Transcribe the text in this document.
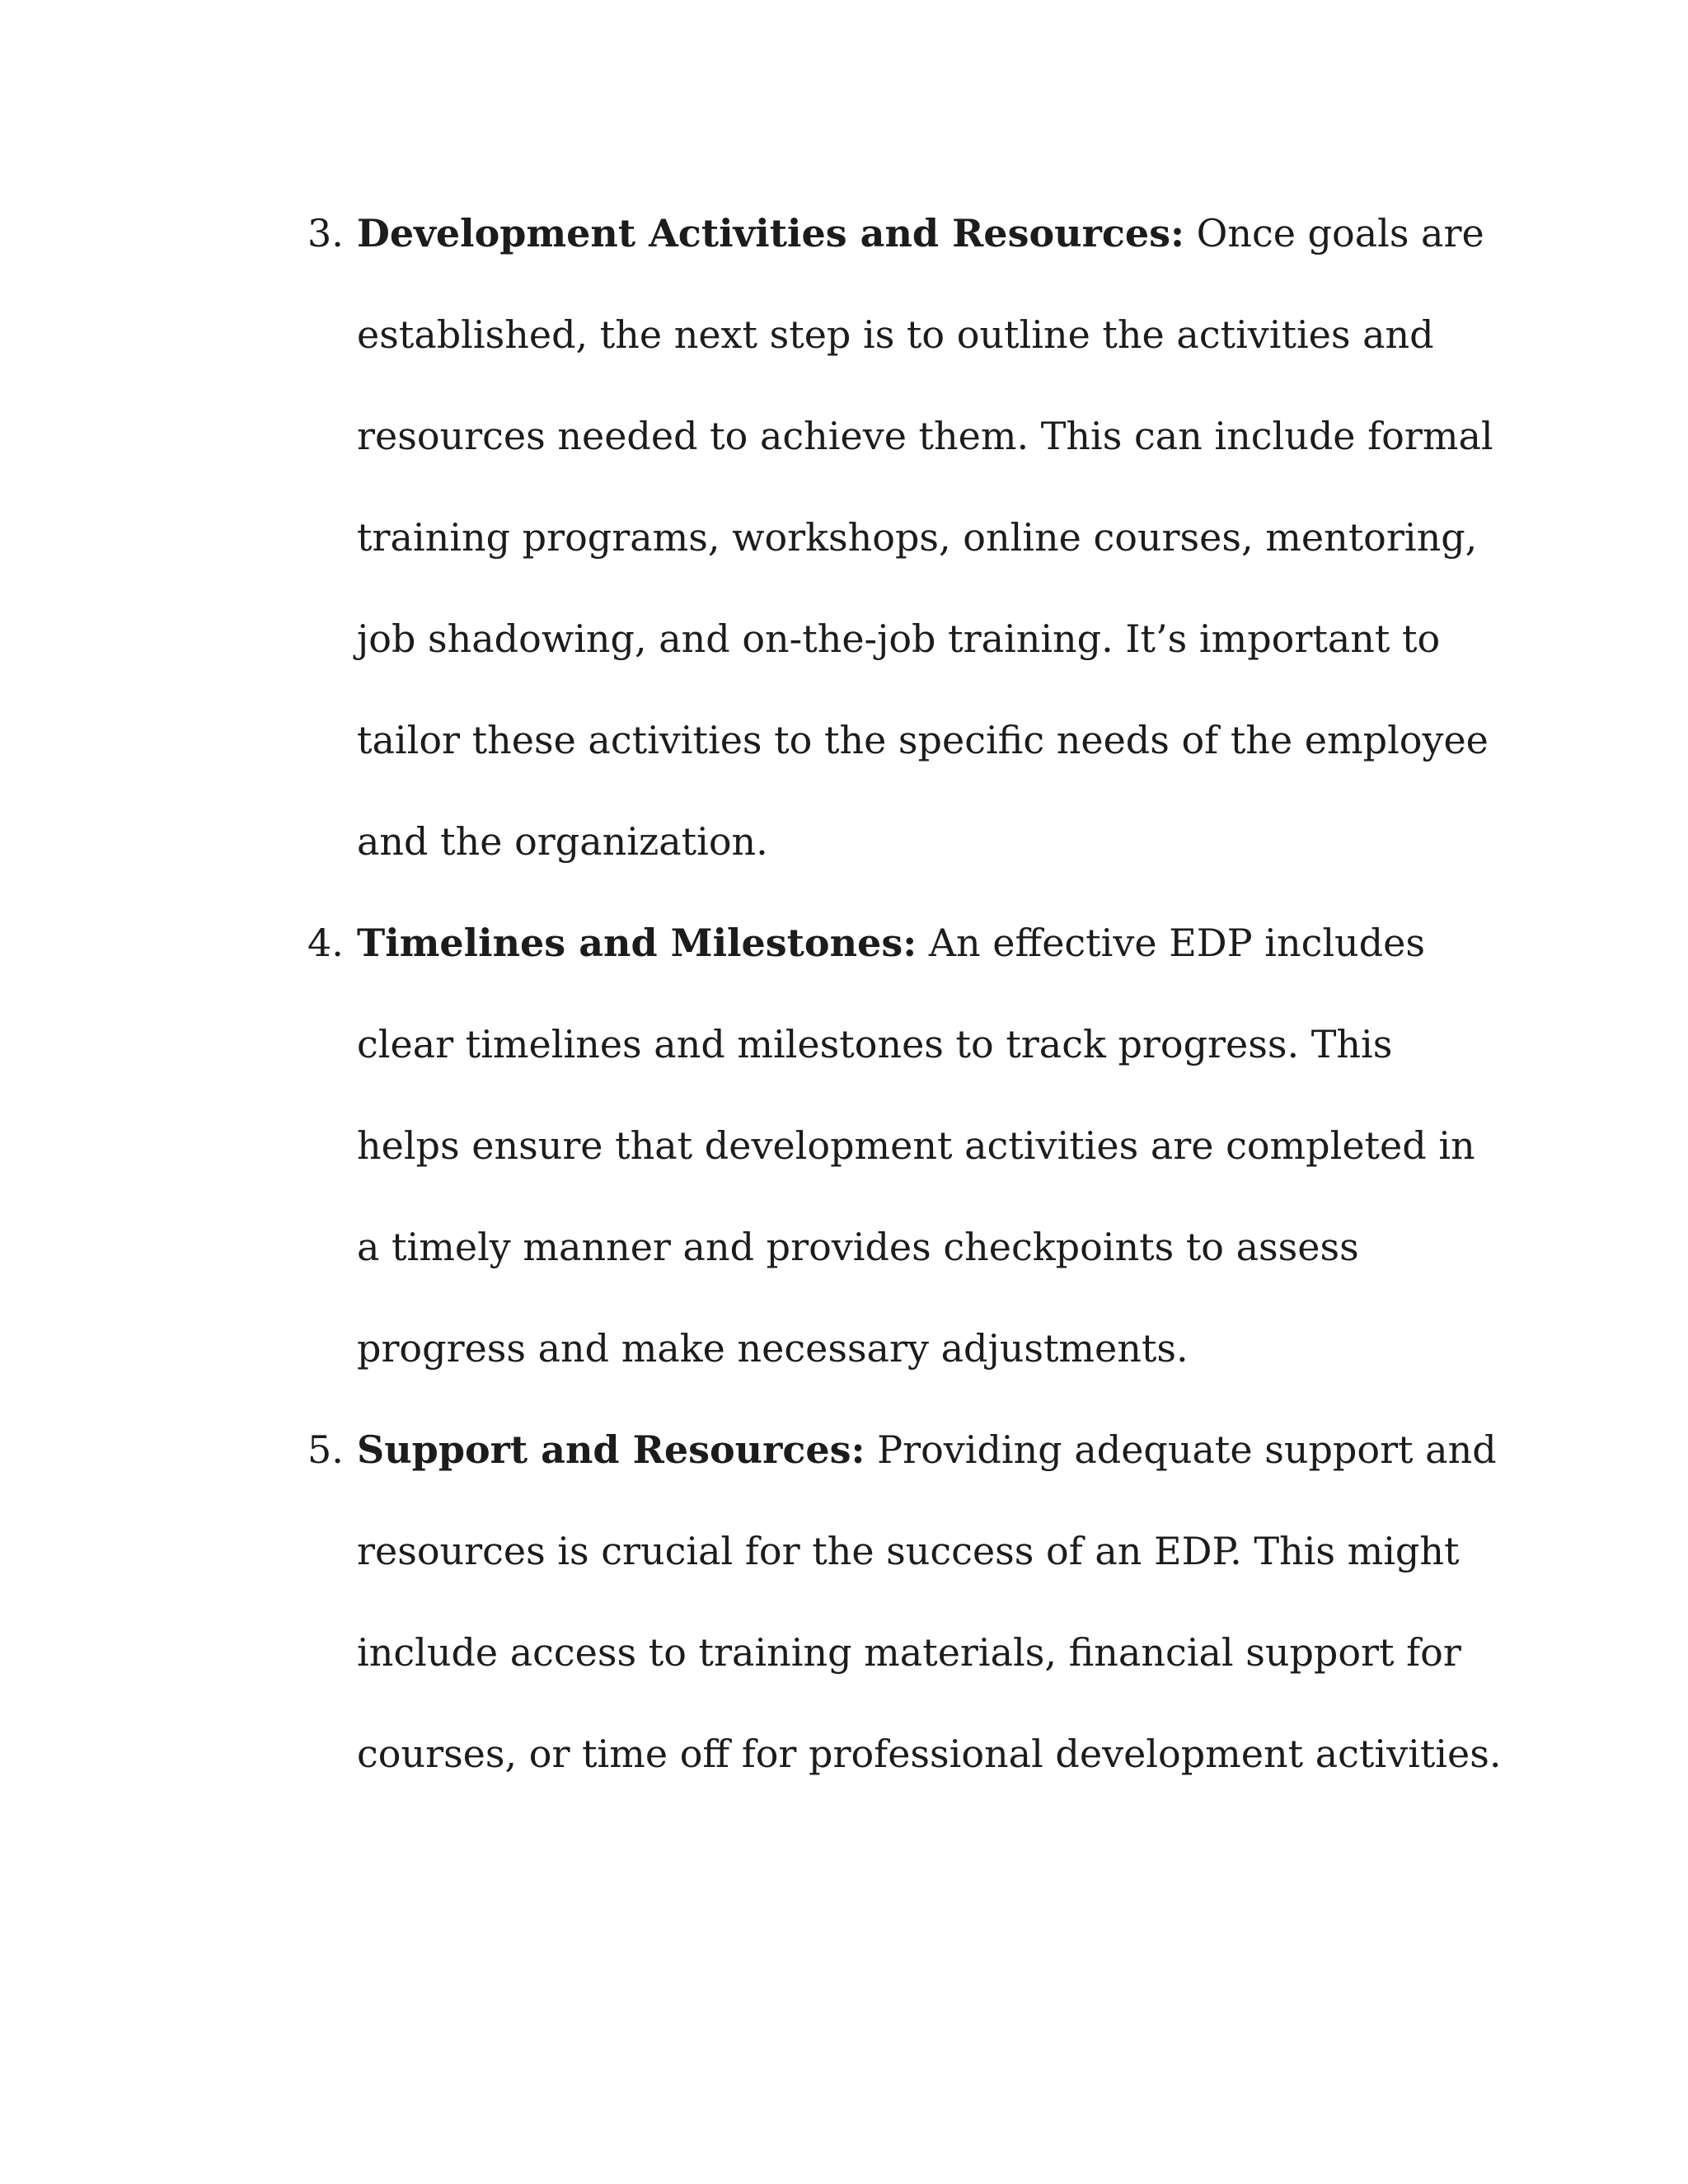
3. Development Activities and Resources: Once goals are established, the next step is to outline the activities and resources needed to achieve them. This can include formal training programs, workshops, online courses, mentoring, job shadowing, and on-the-job training. It’s important to tailor these activities to the specific needs of the employee and the organization.
4. Timelines and Milestones: An effective EDP includes clear timelines and milestones to track progress. This helps ensure that development activities are completed in a timely manner and provides checkpoints to assess progress and make necessary adjustments.
5. Support and Resources: Providing adequate support and resources is crucial for the success of an EDP. This might include access to training materials, financial support for courses, or time off for professional development activities.
